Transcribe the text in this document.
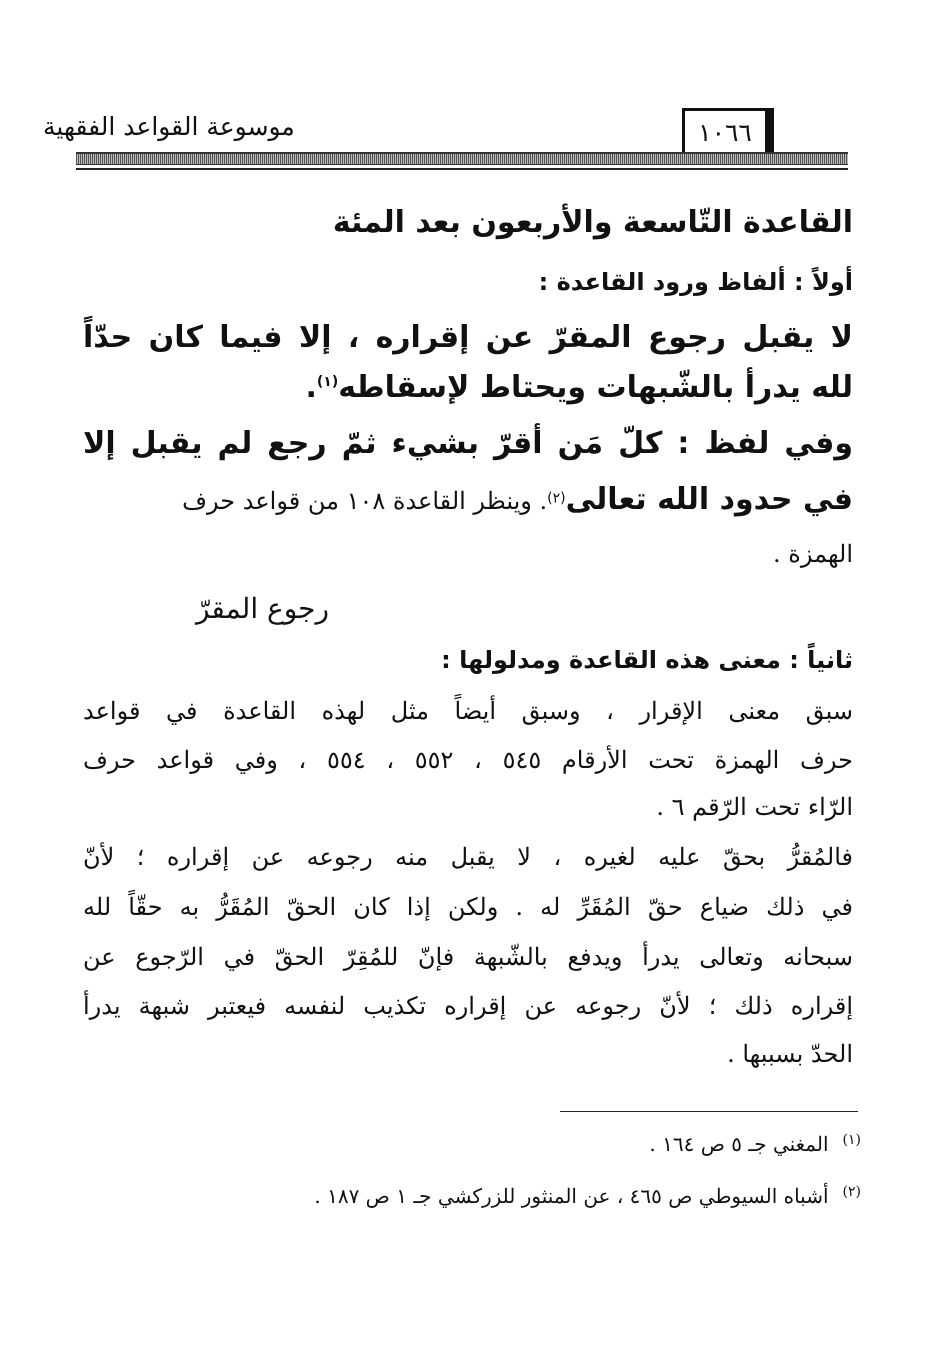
موسوعة القواعد الفقهية	١٠٦٦
القاعدة التّاسعة والأربعون بعد المئة
أولاً : ألفاظ ورود القاعدة :
لا يقبل رجوع المقرّ عن إقراره ، إلا فيما كان حدّاً
لله يدرأ بالشّبهات ويحتاط لإسقاطه$^{(١)}$.
وفي لفظ : كلّ مَن أقرّ بشيء ثمّ رجع لم يقبل إلا
في حدود الله تعالى$^{(٢)}$. وينظر القاعدة ١٠٨ من قواعد حرف
الهمزة .
رجوع المقرّ
ثانياً : معنى هذه القاعدة ومدلولها :
سبق معنى الإقرار ، وسبق أيضاً مثل لهذه القاعدة في قواعد
حرف الهمزة تحت الأرقام ٥٤٥ ، ٥٥٢ ، ٥٥٤ ، وفي قواعد حرف
الرّاء تحت الرّقم ٦ .
فالمُقرُّ بحقّ عليه لغيره ، لا يقبل منه رجوعه عن إقراره ؛ لأنّ
في ذلك ضياع حقّ المُقَرِّ له . ولكن إذا كان الحقّ المُقَرُّ به حقّاً لله
سبحانه وتعالى يدرأ ويدفع بالشّبهة فإنّ للمُقِرّ الحقّ في الرّجوع عن
إقراره ذلك ؛ لأنّ رجوعه عن إقراره تكذيب لنفسه فيعتبر شبهة يدرأ
الحدّ بسببها .
(١)المغني جـ ٥ ص ١٦٤ .
(٢)أشباه السيوطي ص ٤٦٥ ، عن المنثور للزركشي جـ ١ ص ١٨٧ .
